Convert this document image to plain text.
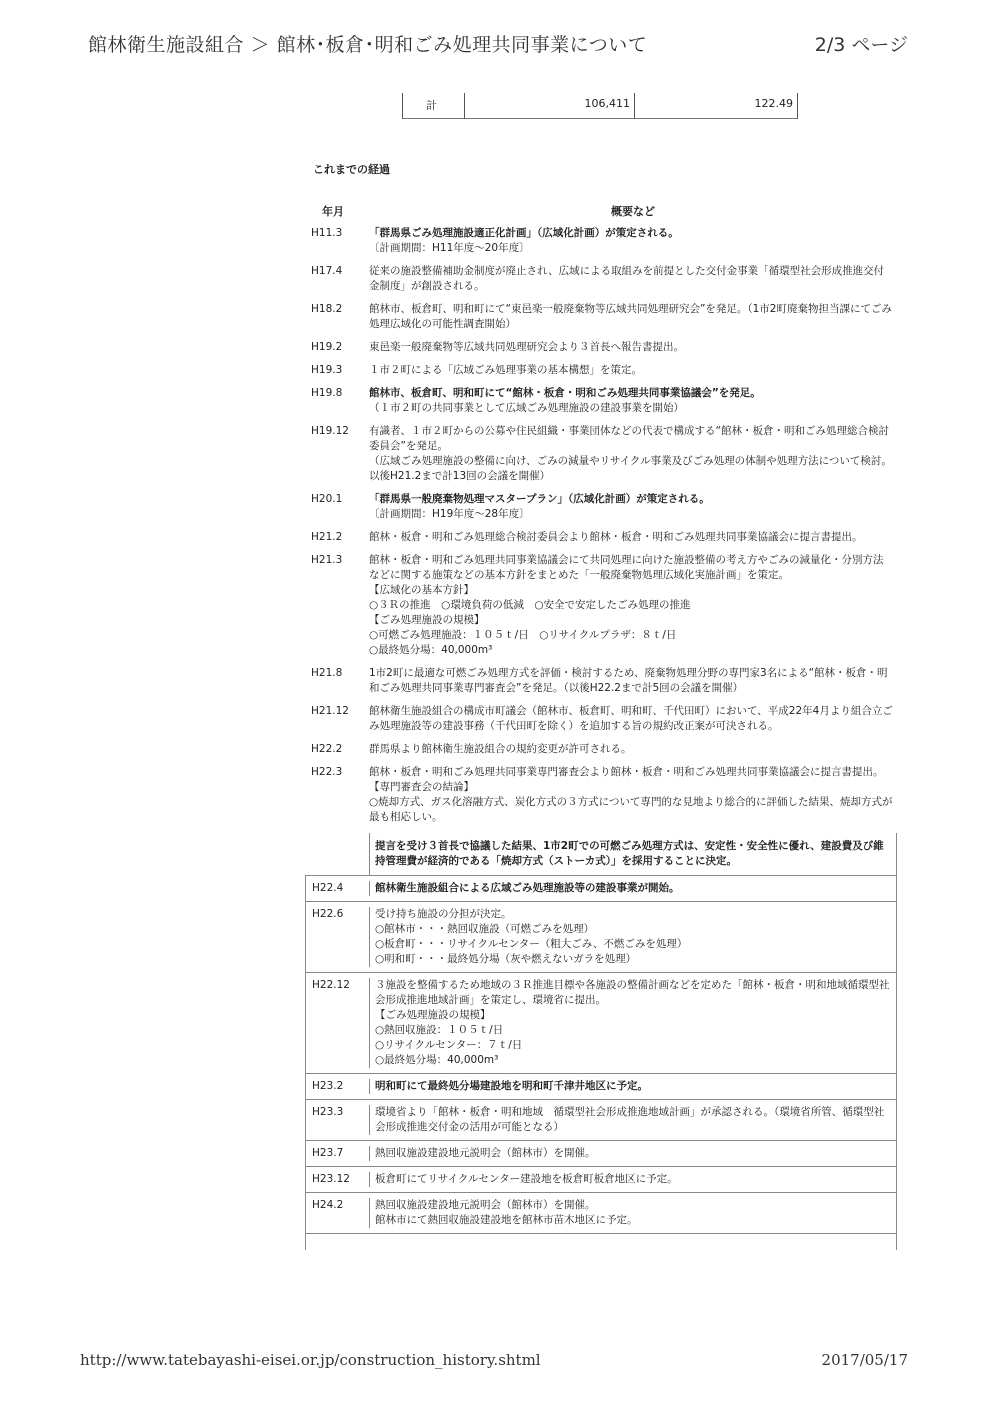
館林衛生施設組合 ＞ 館林･板倉･明和ごみ処理共同事業について	2/3 ページ
計	106,411	122.49
これまでの経過
年月	概要など
H11.3	「群馬県ごみ処理施設適正化計画」（広域化計画）が策定される。

〔計画期間：H11年度～20年度〕

H17.4	従来の施設整備補助金制度が廃止され、広域による取組みを前提とした交付金事業「循環型社会形成推進交付金制度」が創設される。

H18.2	館林市、板倉町、明和町にて“東邑楽一般廃棄物等広域共同処理研究会”を発足。（1市2町廃棄物担当課にてごみ処理広域化の可能性調査開始）

H19.2	東邑楽一般廃棄物等広域共同処理研究会より３首長へ報告書提出。

H19.3	１市２町による「広域ごみ処理事業の基本構想」を策定。

H19.8	館林市、板倉町、明和町にて“館林・板倉・明和ごみ処理共同事業協議会”を発足。

（１市２町の共同事業として広域ごみ処理施設の建設事業を開始）

H19.12	有識者、１市２町からの公募や住民組織・事業団体などの代表で構成する“館林・板倉・明和ごみ処理総合検討委員会”を発足。

（広域ごみ処理施設の整備に向け、ごみの減量やリサイクル事業及びごみ処理の体制や処理方法について検討。以後H21.2まで計13回の会議を開催）

H20.1	「群馬県一般廃棄物処理マスタープラン」（広域化計画）が策定される。

〔計画期間：H19年度～28年度〕

H21.2	館林・板倉・明和ごみ処理総合検討委員会より館林・板倉・明和ごみ処理共同事業協議会に提言書提出。

H21.3	館林・板倉・明和ごみ処理共同事業協議会にて共同処理に向けた施設整備の考え方やごみの減量化・分別方法などに関する施策などの基本方針をまとめた「一般廃棄物処理広域化実施計画」を策定。

【広域化の基本方針】

○３Ｒの推進　○環境負荷の低減　○安全で安定したごみ処理の推進

【ごみ処理施設の規模】

○可燃ごみ処理施設：１０５ｔ/日　○リサイクルプラザ：８ｔ/日

○最終処分場：40,000m³

H21.8	1市2町に最適な可燃ごみ処理方式を評価・検討するため、廃棄物処理分野の専門家3名による“館林・板倉・明和ごみ処理共同事業専門審査会”を発足。（以後H22.2まで計5回の会議を開催）

H21.12	館林衛生施設組合の構成市町議会（館林市、板倉町、明和町、千代田町）において、平成22年4月より組合立ごみ処理施設等の建設事務（千代田町を除く）を追加する旨の規約改正案が可決される。

H22.2	群馬県より館林衛生施設組合の規約変更が許可される。

H22.3	館林・板倉・明和ごみ処理共同事業専門審査会より館林・板倉・明和ごみ処理共同事業協議会に提言書提出。

【専門審査会の結論】

○焼却方式、ガス化溶融方式、炭化方式の３方式について専門的な見地より総合的に評価した結果、焼却方式が最も相応しい。

提言を受け３首長で協議した結果、1市2町での可燃ごみ処理方式は、安定性・安全性に優れ、建設費及び維持管理費が経済的である「焼却方式（ストーカ式）」を採用することに決定。
H22.4	館林衛生施設組合による広域ごみ処理施設等の建設事業が開始。

H22.6	受け持ち施設の分担が決定。

○館林市・・・熱回収施設（可燃ごみを処理）

○板倉町・・・リサイクルセンター（粗大ごみ、不燃ごみを処理）

○明和町・・・最終処分場（灰や燃えないガラを処理）

H22.12	３施設を整備するため地域の３Ｒ推進目標や各施設の整備計画などを定めた「館林・板倉・明和地域循環型社会形成推進地域計画」を策定し、環境省に提出。

【ごみ処理施設の規模】

○熱回収施設：１０５ｔ/日

○リサイクルセンター：７ｔ/日

○最終処分場：40,000m³

H23.2	明和町にて最終処分場建設地を明和町千津井地区に予定。

H23.3	環境省より「館林・板倉・明和地域　循環型社会形成推進地域計画」が承認される。（環境省所管、循環型社会形成推進交付金の活用が可能となる）

H23.7	熱回収施設建設地元説明会（館林市）を開催。

H23.12	板倉町にてリサイクルセンター建設地を板倉町板倉地区に予定。

H24.2	熱回収施設建設地元説明会（館林市）を開催。

館林市にて熱回収施設建設地を館林市苗木地区に予定。

http://www.tatebayashi-eisei.or.jp/construction_history.shtml	2017/05/17
